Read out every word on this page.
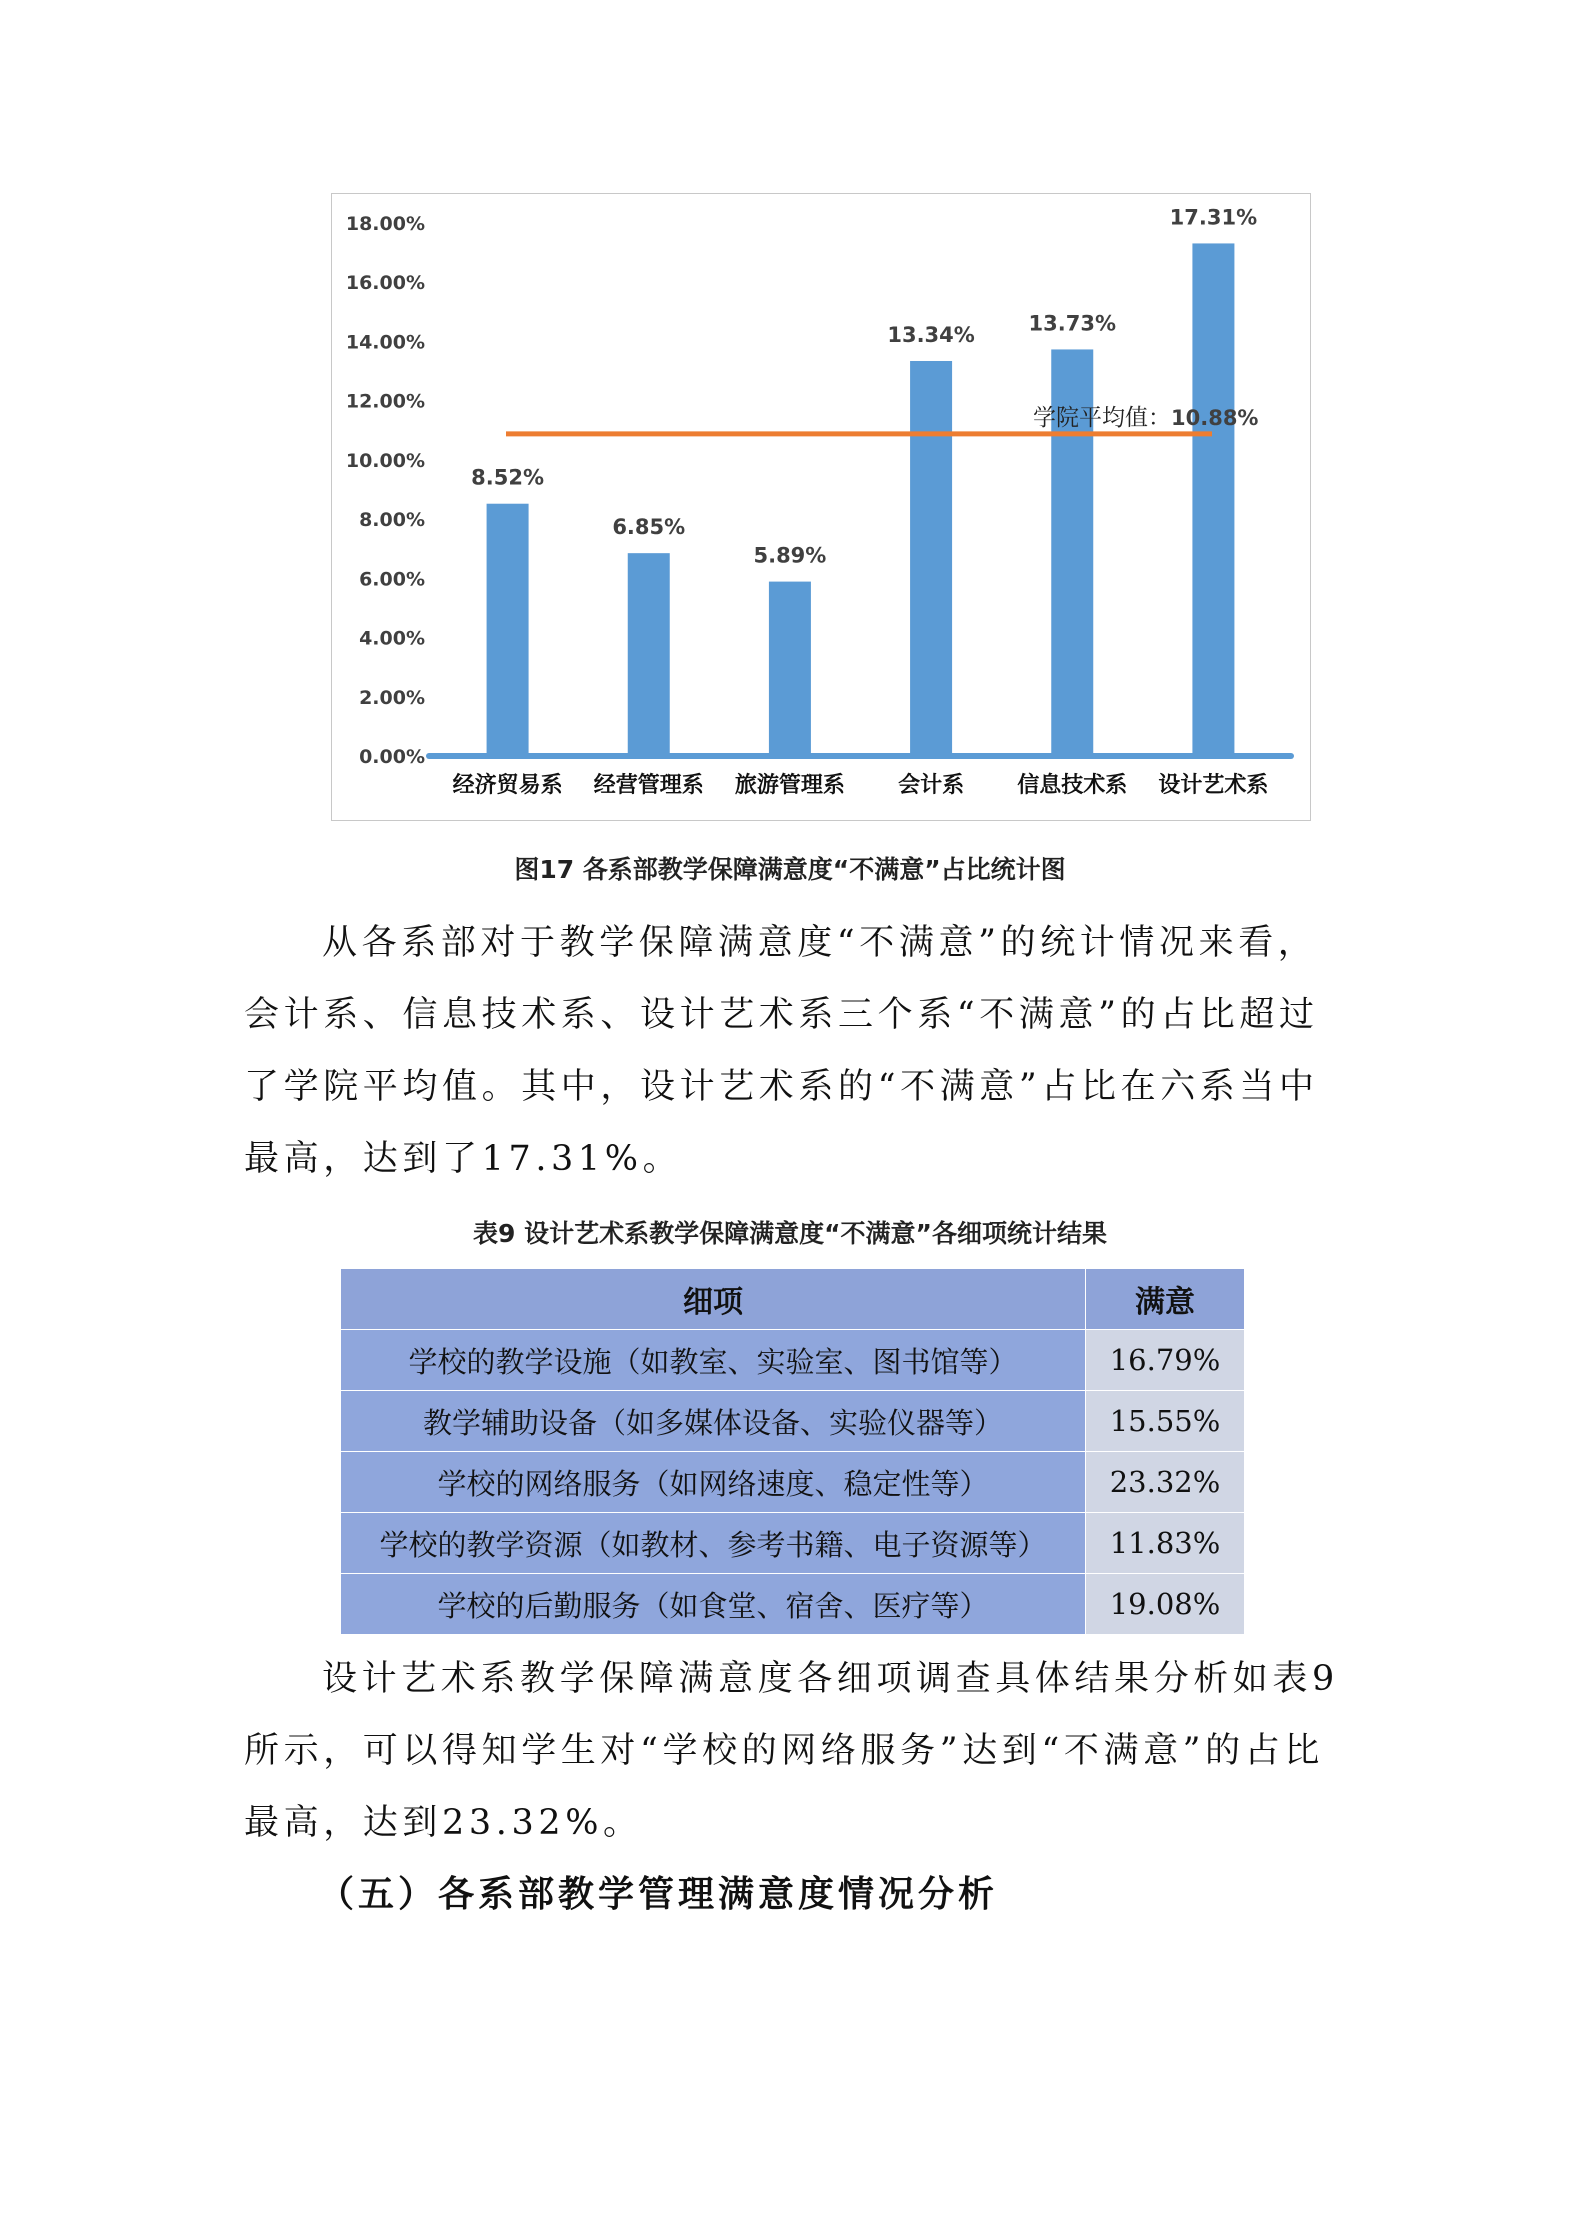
0.00%
2.00%
4.00%
6.00%
8.00%
10.00%
12.00%
14.00%
16.00%
18.00%
8.52%
经济贸易系
6.85%
经营管理系
5.89%
旅游管理系
13.34%
会计系
13.73%
信息技术系
17.31%
设计艺术系
学院平均值：10.88%
图17 各系部教学保障满意度“不满意”占比统计图

从各系部对于教学保障满意度“不满意”的统计情况来看，会计系、信息技术系、设计艺术系三个系“不满意”的占比超过了学院平均值。其中，设计艺术系的“不满意”占比在六系当中最高，达到了17.31%。

表9 设计艺术系教学保障满意度“不满意”各细项统计结果
细项	满意
学校的教学设施（如教室、实验室、图书馆等）	16.79%
教学辅助设备（如多媒体设备、实验仪器等）	15.55%
学校的网络服务（如网络速度、稳定性等）	23.32%
学校的教学资源（如教材、参考书籍、电子资源等）	11.83%
学校的后勤服务（如食堂、宿舍、医疗等）	19.08%

设计艺术系教学保障满意度各细项调查具体结果分析如表9所示，可以得知学生对“学校的网络服务”达到“不满意”的占比最高，达到23.32%。

（五）各系部教学管理满意度情况分析
